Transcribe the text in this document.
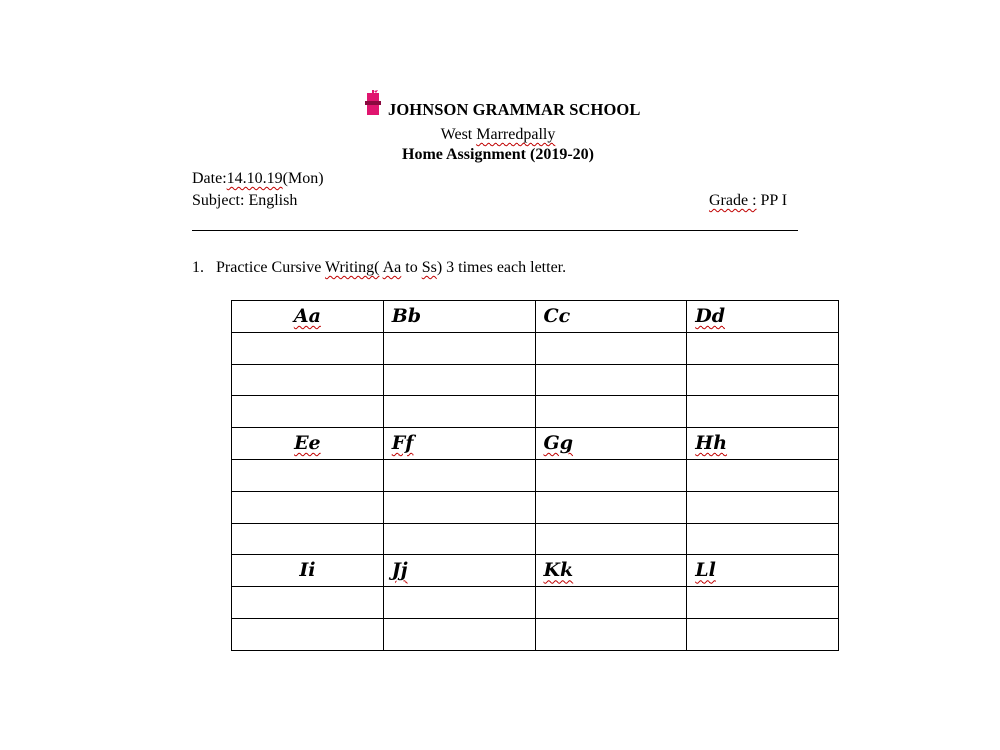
JOHNSON GRAMMAR SCHOOL
West Marredpally
Home Assignment (2019-20)
Date:14.10.19(Mon)
Subject: English	Grade : PP I
1. Practice Cursive Writing( Aa to Ss) 3 times each letter.
Aa	Bb	Cc	Dd

Ee	Ff	Gg	Hh

Ii	Jj	Kk	Ll
